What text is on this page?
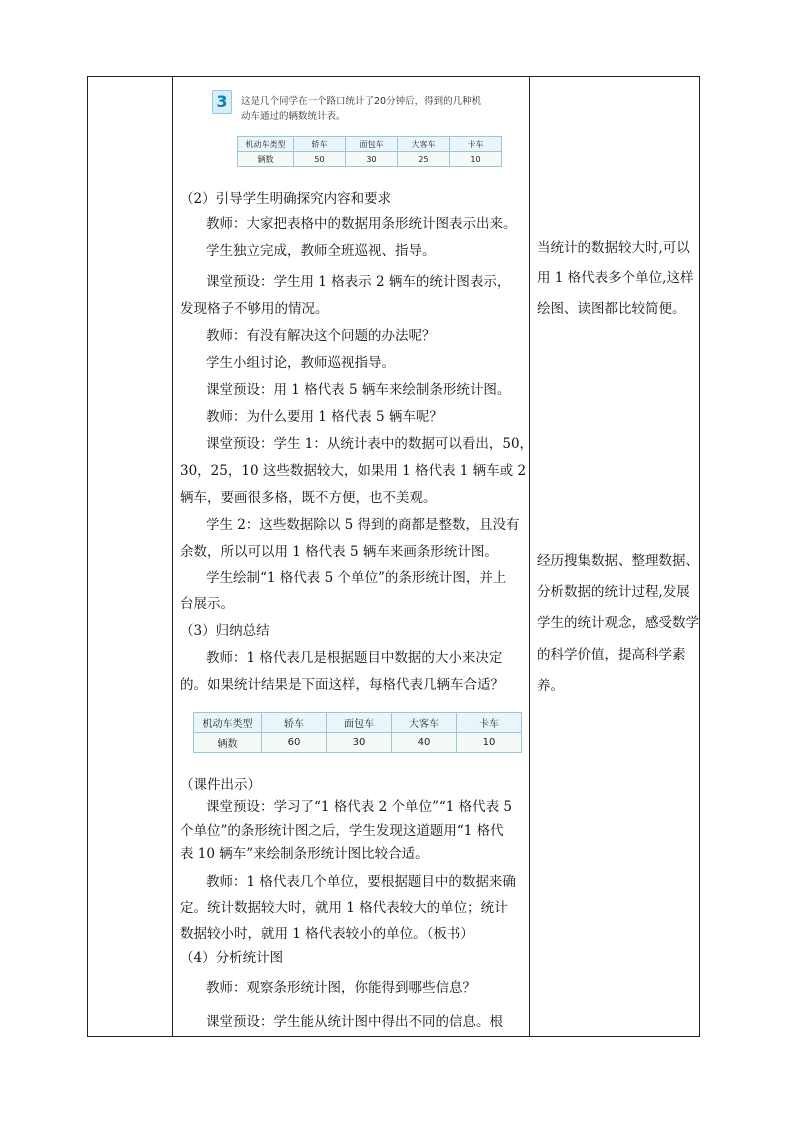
3	这是几个同学在一个路口统计了20分钟后，得到的几种机
动车通过的辆数统计表。
机动车类型	轿车	面包车	大客车	卡车
辆数	50	30	25	10
（2）引导学生明确探究内容和要求
教师：大家把表格中的数据用条形统计图表示出来。
学生独立完成，教师全班巡视、指导。
课堂预设：学生用 1 格表示 2 辆车的统计图表示，
发现格子不够用的情况。
教师：有没有解决这个问题的办法呢？
学生小组讨论，教师巡视指导。
课堂预设：用 1 格代表 5 辆车来绘制条形统计图。
教师：为什么要用 1 格代表 5 辆车呢？
课堂预设：学生 1：从统计表中的数据可以看出，50，
30，25，10 这些数据较大，如果用 1 格代表 1 辆车或 2
辆车，要画很多格，既不方便，也不美观。
学生 2：这些数据除以 5 得到的商都是整数，且没有
余数，所以可以用 1 格代表 5 辆车来画条形统计图。
学生绘制“1 格代表 5 个单位”的条形统计图，并上
台展示。
（3）归纳总结
教师：1 格代表几是根据题目中数据的大小来决定
的。如果统计结果是下面这样，每格代表几辆车合适？
机动车类型	轿车	面包车	大客车	卡车
辆数	60	30	40	10
（课件出示）
课堂预设：学习了“1 格代表 2 个单位”“1 格代表 5
个单位”的条形统计图之后，学生发现这道题用“1 格代
表 10 辆车”来绘制条形统计图比较合适。
教师：1 格代表几个单位，要根据题目中的数据来确
定。统计数据较大时，就用 1 格代表较大的单位；统计
数据较小时，就用 1 格代表较小的单位。（板书）
（4）分析统计图
教师：观察条形统计图，你能得到哪些信息？
课堂预设：学生能从统计图中得出不同的信息。根
当统计的数据较大时,可以
用 1 格代表多个单位,这样
绘图、读图都比较简便。
经历搜集数据、整理数据、
分析数据的统计过程,发展
学生的统计观念，感受数学
的科学价值，提高科学素
养。
